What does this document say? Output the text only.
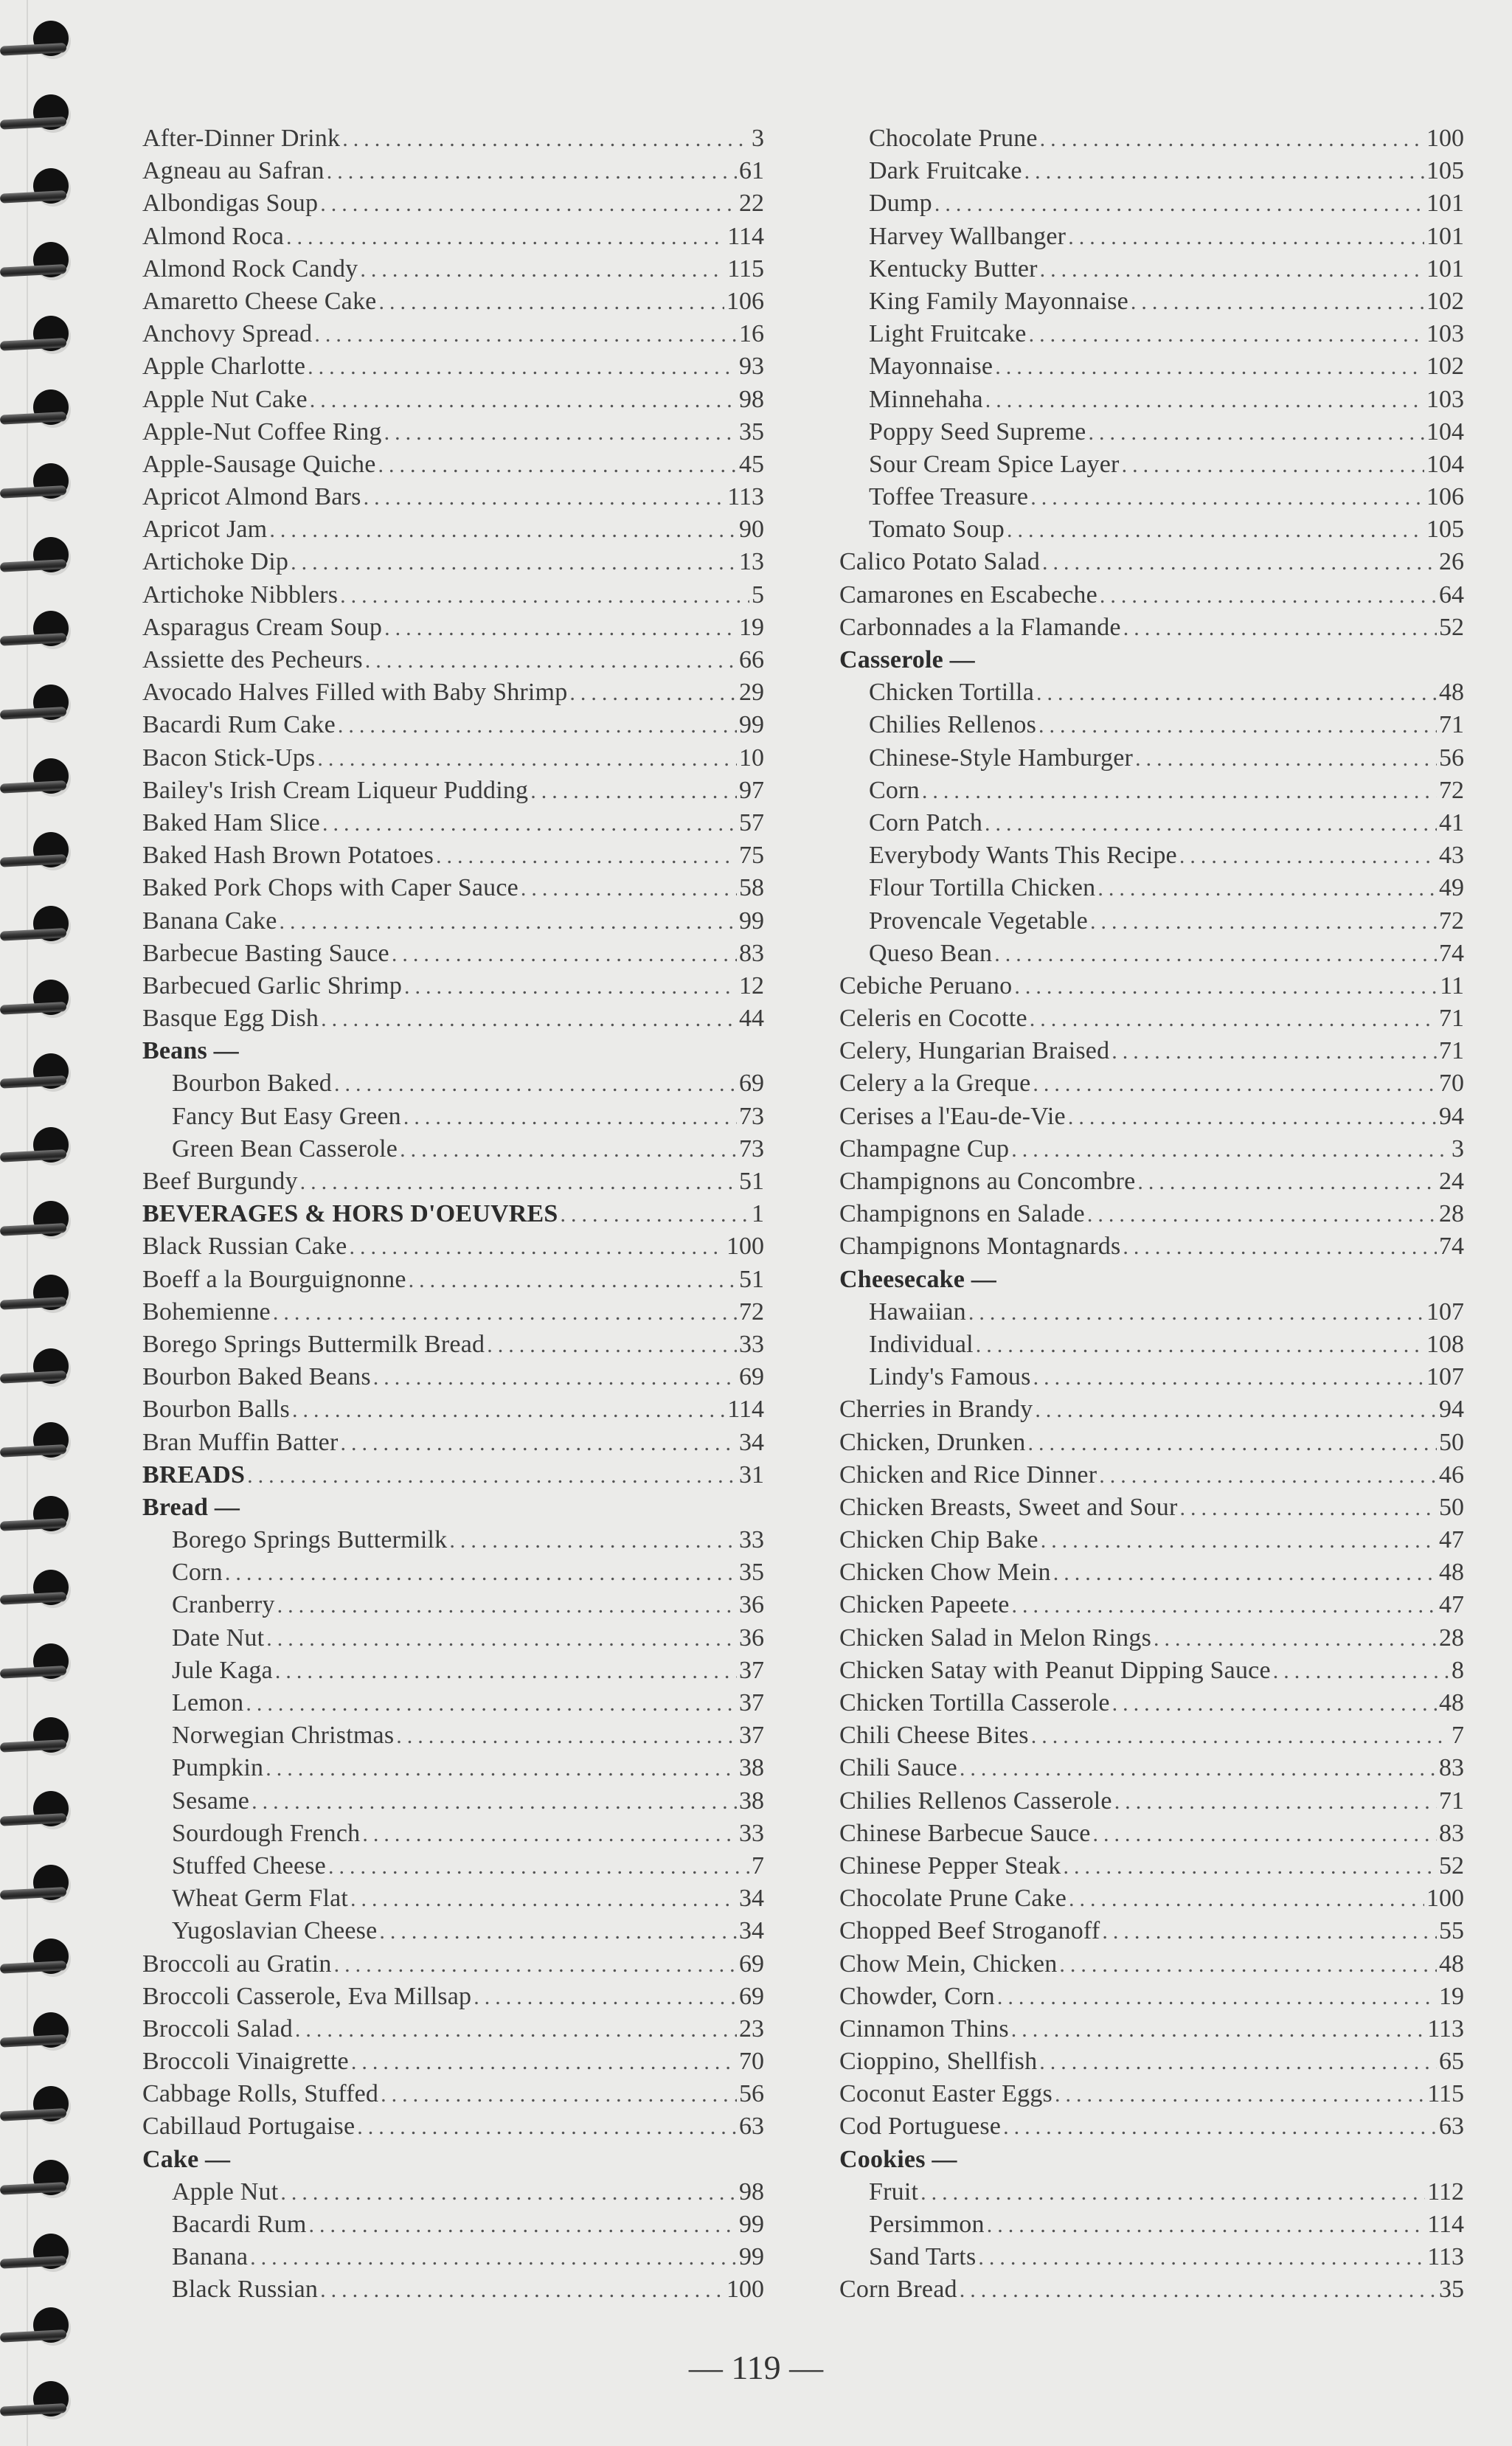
After-Dinner Drink .....	3
Agneau au Safran .....	61
Albondigas Soup .....	22
Almond Roca .....	114
Almond Rock Candy .....	115
Amaretto Cheese Cake .....	106
Anchovy Spread .....	16
Apple Charlotte .....	93
Apple Nut Cake .....	98
Apple-Nut Coffee Ring .....	35
Apple-Sausage Quiche .....	45
Apricot Almond Bars .....	113
Apricot Jam .....	90
Artichoke Dip .....	13
Artichoke Nibblers .....	5
Asparagus Cream Soup .....	19
Assiette des Pecheurs .....	66
Avocado Halves Filled with Baby Shrimp .....	29
Bacardi Rum Cake .....	99
Bacon Stick-Ups .....	10
Bailey's Irish Cream Liqueur Pudding .....	97
Baked Ham Slice .....	57
Baked Hash Brown Potatoes .....	75
Baked Pork Chops with Caper Sauce .....	58
Banana Cake .....	99
Barbecue Basting Sauce .....	83
Barbecued Garlic Shrimp .....	12
Basque Egg Dish .....	44
Beans —
Bourbon Baked .....	69
Fancy But Easy Green .....	73
Green Bean Casserole .....	73
Beef Burgundy .....	51
BEVERAGES & HORS D'OEUVRES .....	1
Black Russian Cake .....	100
Boeff a la Bourguignonne .....	51
Bohemienne .....	72
Borego Springs Buttermilk Bread .....	33
Bourbon Baked Beans .....	69
Bourbon Balls .....	114
Bran Muffin Batter .....	34
BREADS .....	31
Bread —
Borego Springs Buttermilk .....	33
Corn .....	35
Cranberry .....	36
Date Nut .....	36
Jule Kaga .....	37
Lemon .....	37
Norwegian Christmas .....	37
Pumpkin .....	38
Sesame .....	38
Sourdough French .....	33
Stuffed Cheese .....	7
Wheat Germ Flat .....	34
Yugoslavian Cheese .....	34
Broccoli au Gratin .....	69
Broccoli Casserole, Eva Millsap .....	69
Broccoli Salad .....	23
Broccoli Vinaigrette .....	70
Cabbage Rolls, Stuffed .....	56
Cabillaud Portugaise .....	63
Cake —
Apple Nut .....	98
Bacardi Rum .....	99
Banana .....	99
Black Russian .....	100
Chocolate Prune .....	100
Dark Fruitcake .....	105
Dump .....	101
Harvey Wallbanger .....	101
Kentucky Butter .....	101
King Family Mayonnaise .....	102
Light Fruitcake .....	103
Mayonnaise .....	102
Minnehaha .....	103
Poppy Seed Supreme .....	104
Sour Cream Spice Layer .....	104
Toffee Treasure .....	106
Tomato Soup .....	105
Calico Potato Salad .....	26
Camarones en Escabeche .....	64
Carbonnades a la Flamande .....	52
Casserole —
Chicken Tortilla .....	48
Chilies Rellenos .....	71
Chinese-Style Hamburger .....	56
Corn .....	72
Corn Patch .....	41
Everybody Wants This Recipe .....	43
Flour Tortilla Chicken .....	49
Provencale Vegetable .....	72
Queso Bean .....	74
Cebiche Peruano .....	11
Celeris en Cocotte .....	71
Celery, Hungarian Braised .....	71
Celery a la Greque .....	70
Cerises a l'Eau-de-Vie .....	94
Champagne Cup .....	3
Champignons au Concombre .....	24
Champignons en Salade .....	28
Champignons Montagnards .....	74
Cheesecake —
Hawaiian .....	107
Individual .....	108
Lindy's Famous .....	107
Cherries in Brandy .....	94
Chicken, Drunken .....	50
Chicken and Rice Dinner .....	46
Chicken Breasts, Sweet and Sour .....	50
Chicken Chip Bake .....	47
Chicken Chow Mein .....	48
Chicken Papeete .....	47
Chicken Salad in Melon Rings .....	28
Chicken Satay with Peanut Dipping Sauce .....	8
Chicken Tortilla Casserole .....	48
Chili Cheese Bites .....	7
Chili Sauce .....	83
Chilies Rellenos Casserole .....	71
Chinese Barbecue Sauce .....	83
Chinese Pepper Steak .....	52
Chocolate Prune Cake .....	100
Chopped Beef Stroganoff .....	55
Chow Mein, Chicken .....	48
Chowder, Corn .....	19
Cinnamon Thins .....	113
Cioppino, Shellfish .....	65
Coconut Easter Eggs .....	115
Cod Portuguese .....	63
Cookies —
Fruit .....	112
Persimmon .....	114
Sand Tarts .....	113
Corn Bread .....	35
— 119 —
